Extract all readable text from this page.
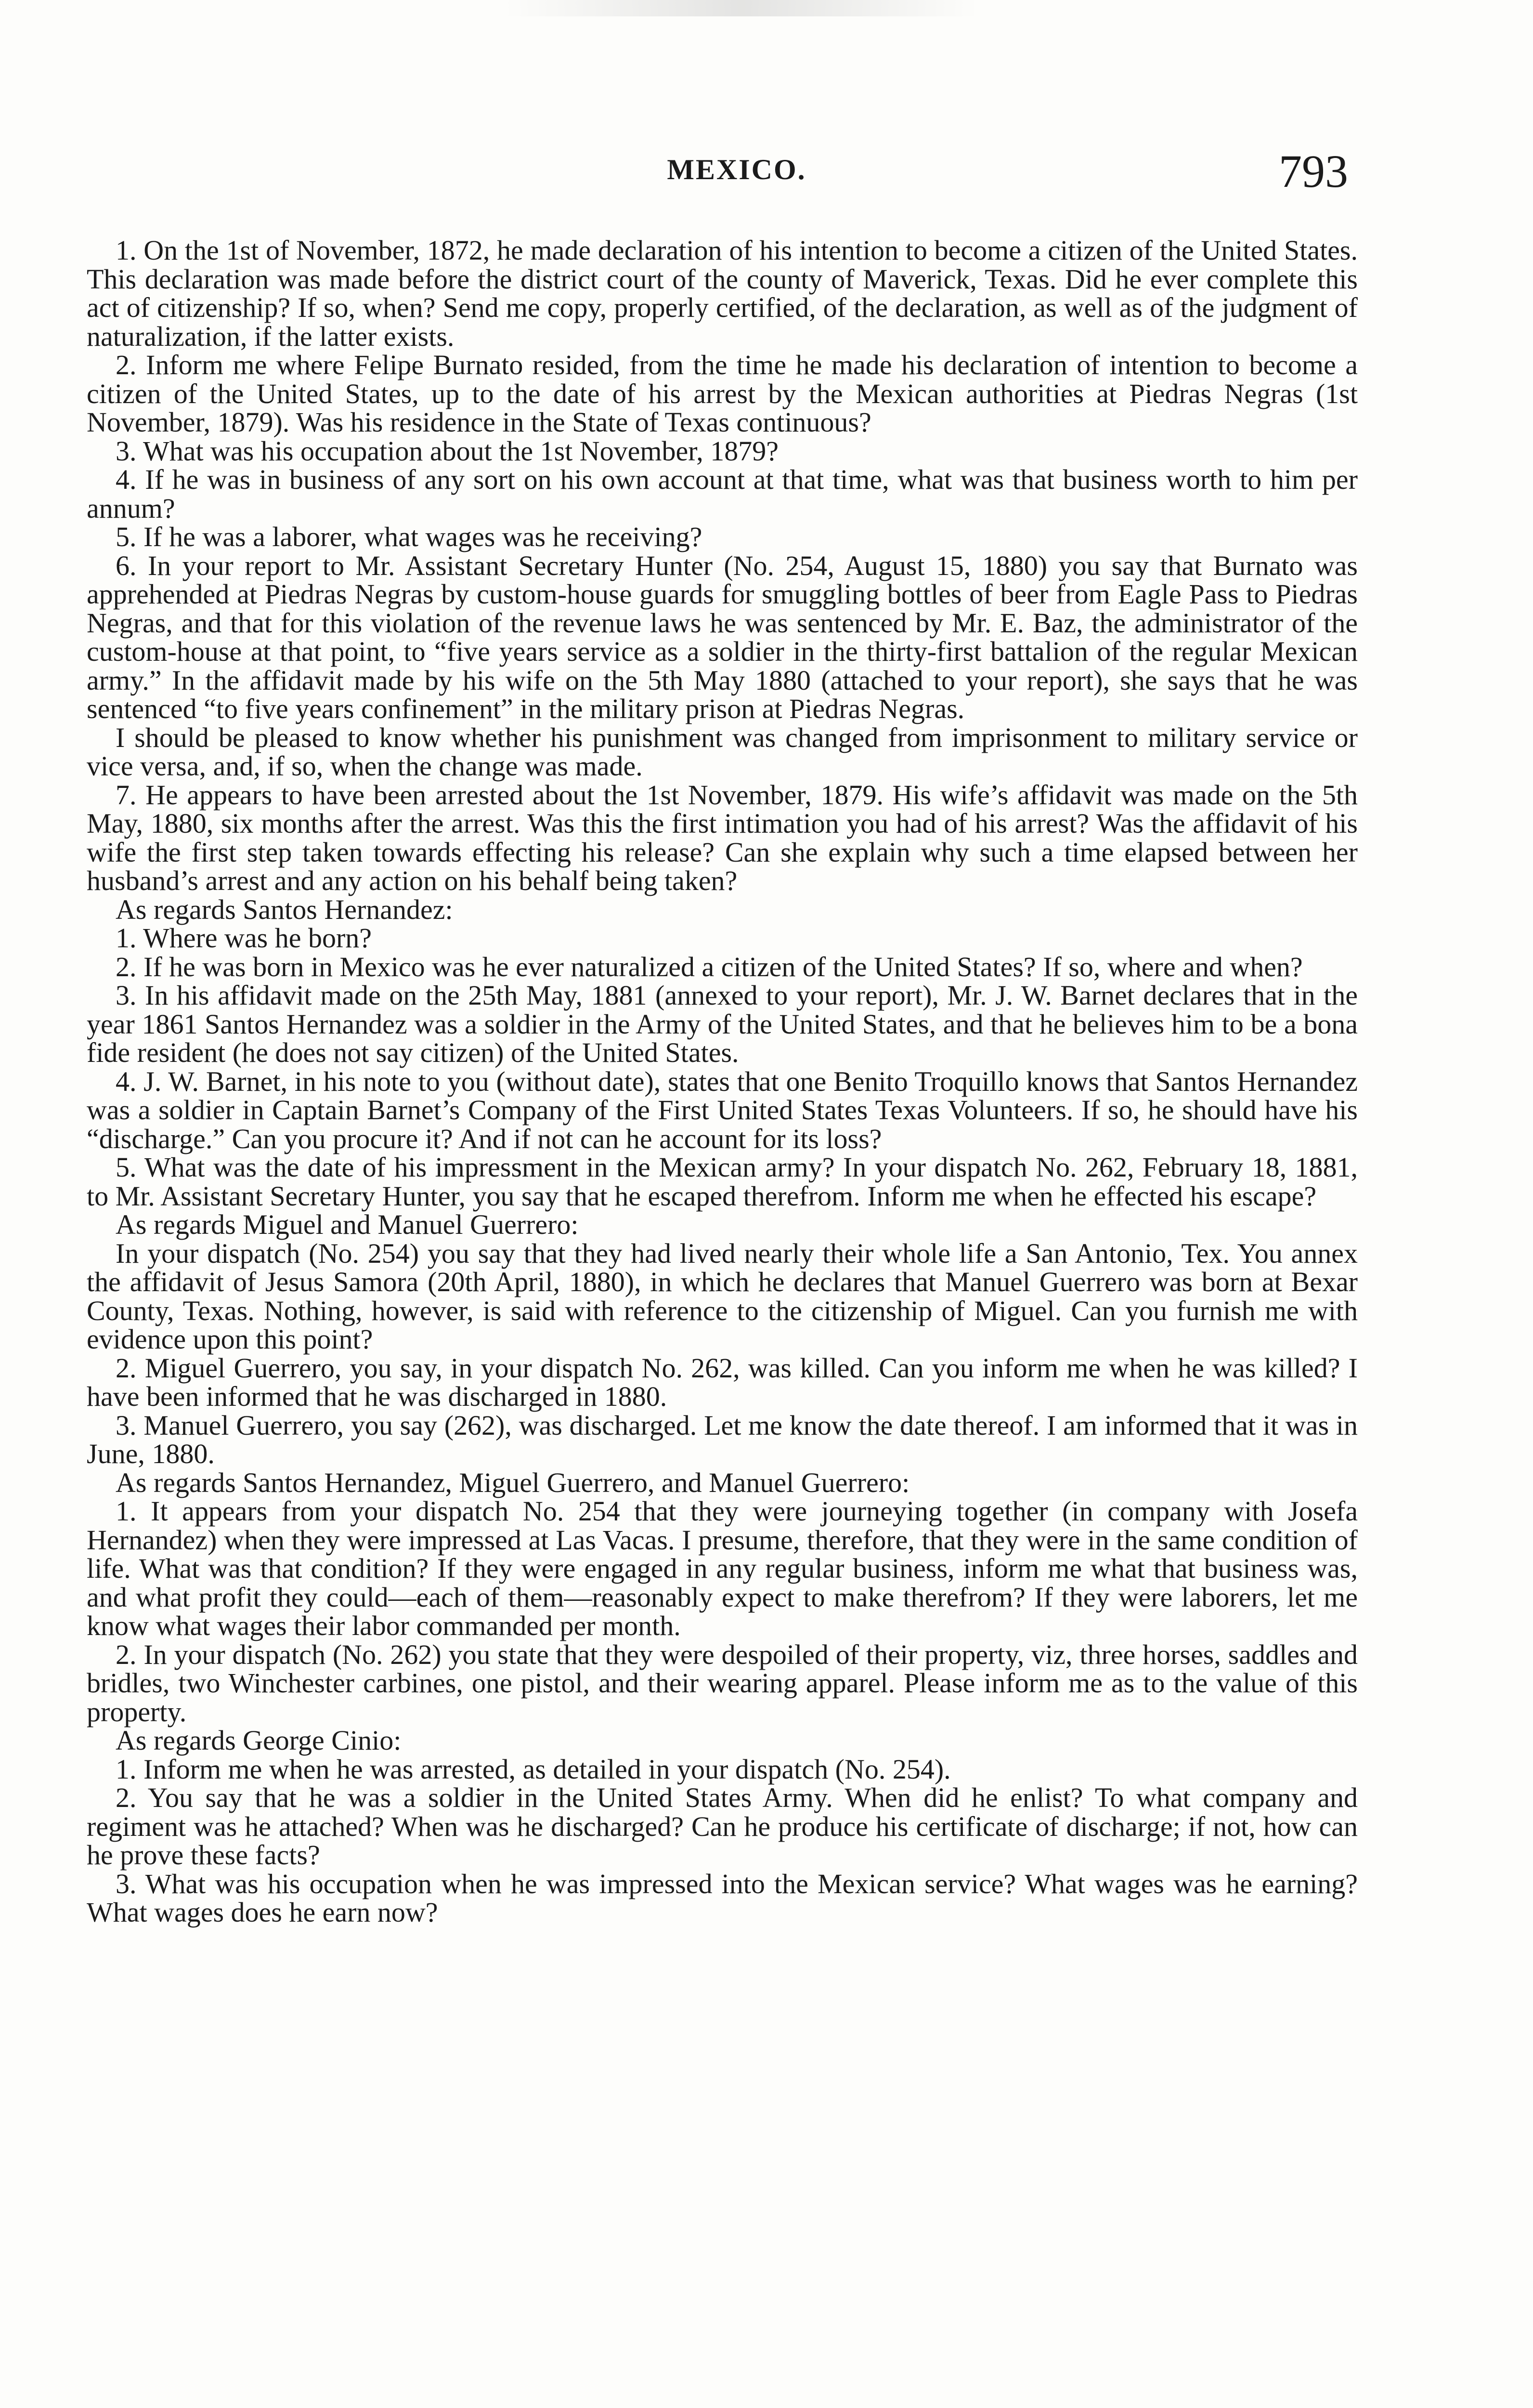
MEXICO.	793

1. On the 1st of November, 1872, he made declaration of his intention to become a citizen of the United States. This declaration was made before the district court of the county of Maverick, Texas. Did he ever complete this act of citizenship? If so, when? Send me copy, properly certified, of the declaration, as well as of the judgment of naturalization, if the latter exists.

2. Inform me where Felipe Burnato resided, from the time he made his declaration of intention to become a citizen of the United States, up to the date of his arrest by the Mexican authorities at Piedras Negras (1st November, 1879). Was his residence in the State of Texas continuous?

3. What was his occupation about the 1st November, 1879?

4. If he was in business of any sort on his own account at that time, what was that business worth to him per annum?

5. If he was a laborer, what wages was he receiving?

6. In your report to Mr. Assistant Secretary Hunter (No. 254, August 15, 1880) you say that Burnato was apprehended at Piedras Negras by custom-house guards for smuggling bottles of beer from Eagle Pass to Piedras Negras, and that for this violation of the revenue laws he was sentenced by Mr. E. Baz, the administrator of the custom-house at that point, to “five years service as a soldier in the thirty-first battalion of the regular Mexican army.” In the affidavit made by his wife on the 5th May 1880 (attached to your report), she says that he was sentenced “to five years confinement” in the military prison at Piedras Negras.

I should be pleased to know whether his punishment was changed from imprisonment to military service or vice versa, and, if so, when the change was made.

7. He appears to have been arrested about the 1st November, 1879. His wife’s affidavit was made on the 5th May, 1880, six months after the arrest. Was this the first intimation you had of his arrest? Was the affidavit of his wife the first step taken towards effecting his release? Can she explain why such a time elapsed between her husband’s arrest and any action on his behalf being taken?

As regards Santos Hernandez:

1. Where was he born?

2. If he was born in Mexico was he ever naturalized a citizen of the United States? If so, where and when?

3. In his affidavit made on the 25th May, 1881 (annexed to your report), Mr. J. W. Barnet declares that in the year 1861 Santos Hernandez was a soldier in the Army of the United States, and that he believes him to be a bona fide resident (he does not say citizen) of the United States.

4. J. W. Barnet, in his note to you (without date), states that one Benito Troquillo knows that Santos Hernandez was a soldier in Captain Barnet’s Company of the First United States Texas Volunteers. If so, he should have his “discharge.” Can you procure it? And if not can he account for its loss?

5. What was the date of his impressment in the Mexican army? In your dispatch No. 262, February 18, 1881, to Mr. Assistant Secretary Hunter, you say that he escaped therefrom. Inform me when he effected his escape?

As regards Miguel and Manuel Guerrero:

In your dispatch (No. 254) you say that they had lived nearly their whole life a San Antonio, Tex. You annex the affidavit of Jesus Samora (20th April, 1880), in which he declares that Manuel Guerrero was born at Bexar County, Texas. Nothing, however, is said with reference to the citizenship of Miguel. Can you furnish me with evidence upon this point?

2. Miguel Guerrero, you say, in your dispatch No. 262, was killed. Can you inform me when he was killed? I have been informed that he was discharged in 1880.

3. Manuel Guerrero, you say (262), was discharged. Let me know the date thereof. I am informed that it was in June, 1880.

As regards Santos Hernandez, Miguel Guerrero, and Manuel Guerrero:

1. It appears from your dispatch No. 254 that they were journeying together (in company with Josefa Hernandez) when they were impressed at Las Vacas. I presume, therefore, that they were in the same condition of life. What was that condition? If they were engaged in any regular business, inform me what that business was, and what profit they could—each of them—reasonably expect to make therefrom? If they were laborers, let me know what wages their labor commanded per month.

2. In your dispatch (No. 262) you state that they were despoiled of their property, viz, three horses, saddles and bridles, two Winchester carbines, one pistol, and their wearing apparel. Please inform me as to the value of this property.

As regards George Cinio:

1. Inform me when he was arrested, as detailed in your dispatch (No. 254).

2. You say that he was a soldier in the United States Army. When did he enlist? To what company and regiment was he attached? When was he discharged? Can he produce his certificate of discharge; if not, how can he prove these facts?

3. What was his occupation when he was impressed into the Mexican service? What wages was he earning? What wages does he earn now?
